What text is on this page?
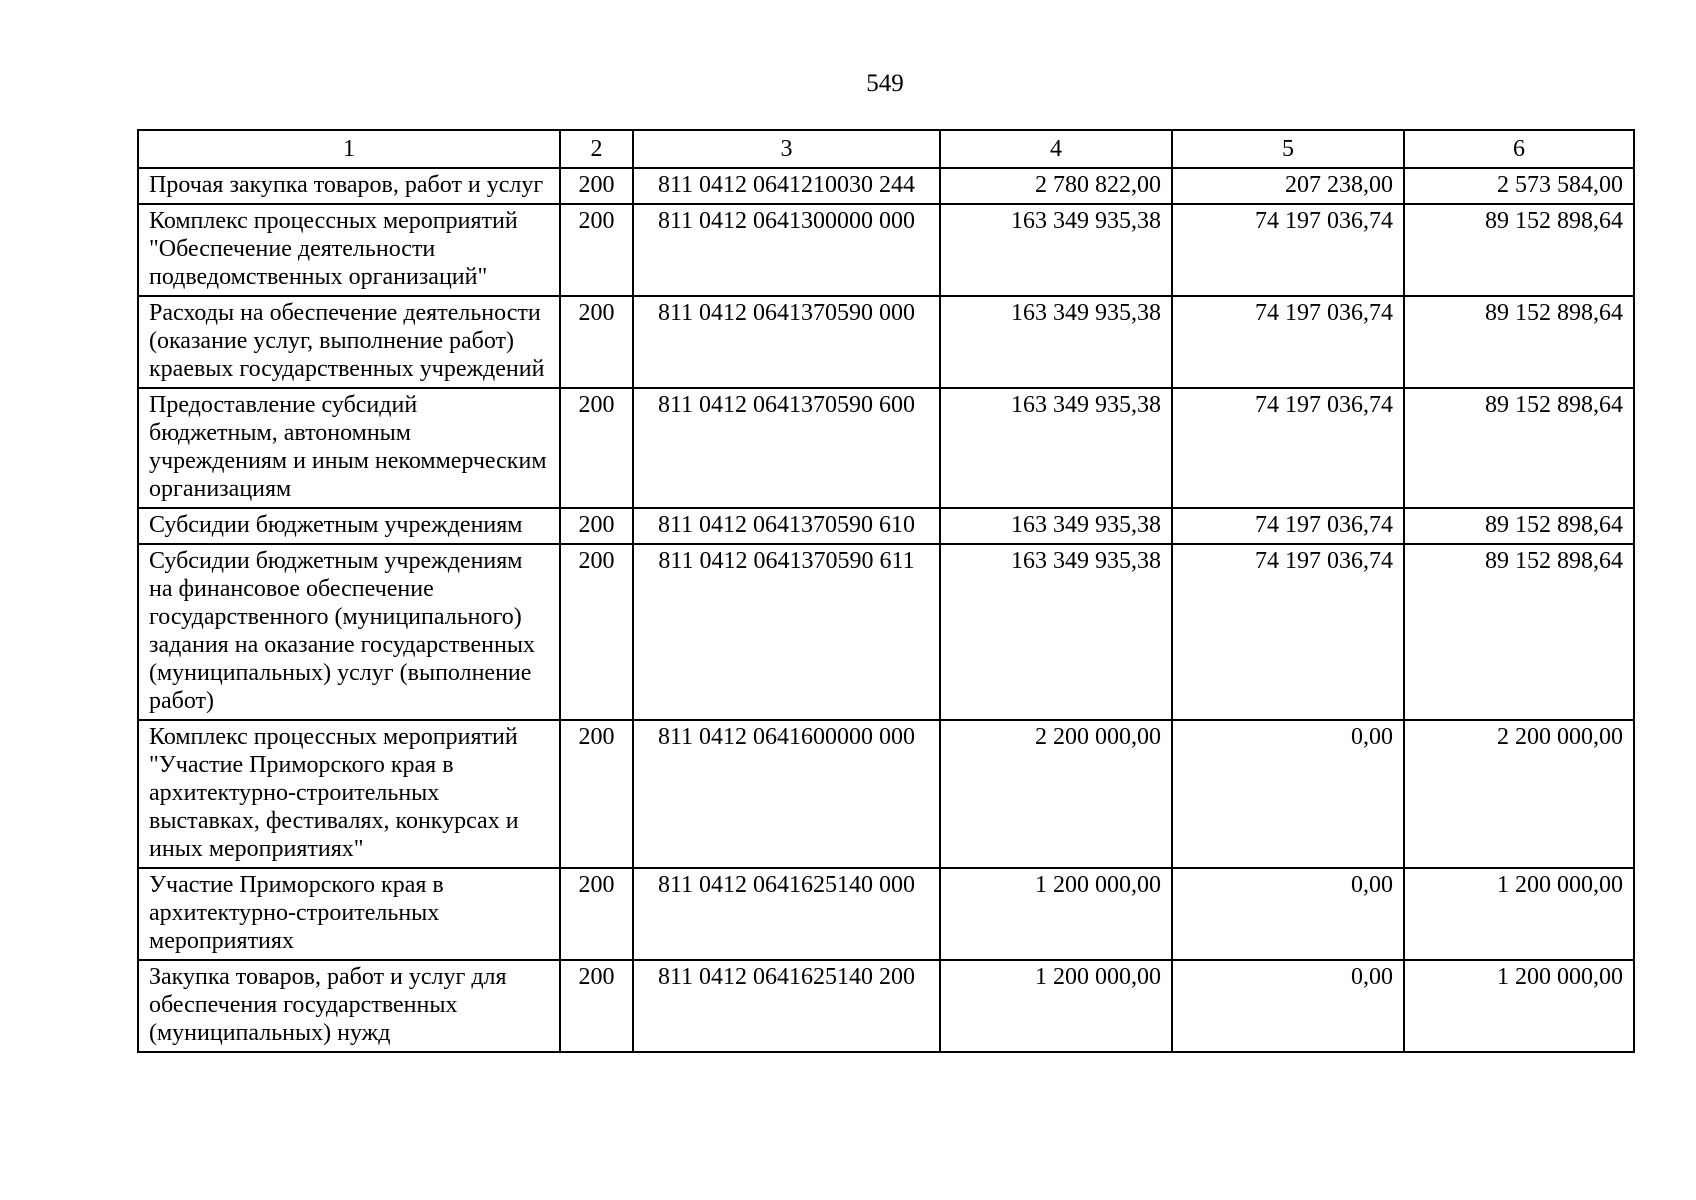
549
1	2	3	4	5	6
Прочая закупка товаров, работ и услуг	200	811 0412 0641210030 244	2 780 822,00	207 238,00	2 573 584,00
Комплекс процессных мероприятий "Обеспечение деятельности подведомственных организаций"	200	811 0412 0641300000 000	163 349 935,38	74 197 036,74	89 152 898,64
Расходы на обеспечение деятельности (оказание услуг, выполнение работ) краевых государственных учреждений	200	811 0412 0641370590 000	163 349 935,38	74 197 036,74	89 152 898,64
Предоставление субсидий бюджетным, автономным учреждениям и иным некоммерческим организациям	200	811 0412 0641370590 600	163 349 935,38	74 197 036,74	89 152 898,64
Субсидии бюджетным учреждениям	200	811 0412 0641370590 610	163 349 935,38	74 197 036,74	89 152 898,64
Субсидии бюджетным учреждениям на финансовое обеспечение государственного (муниципального) задания на оказание государственных (муниципальных) услуг (выполнение работ)	200	811 0412 0641370590 611	163 349 935,38	74 197 036,74	89 152 898,64
Комплекс процессных мероприятий "Участие Приморского края в архитектурно-строительных выставках, фестивалях, конкурсах и иных мероприятиях"	200	811 0412 0641600000 000	2 200 000,00	0,00	2 200 000,00
Участие Приморского края в архитектурно-строительных мероприятиях	200	811 0412 0641625140 000	1 200 000,00	0,00	1 200 000,00
Закупка товаров, работ и услуг для обеспечения государственных (муниципальных) нужд	200	811 0412 0641625140 200	1 200 000,00	0,00	1 200 000,00
